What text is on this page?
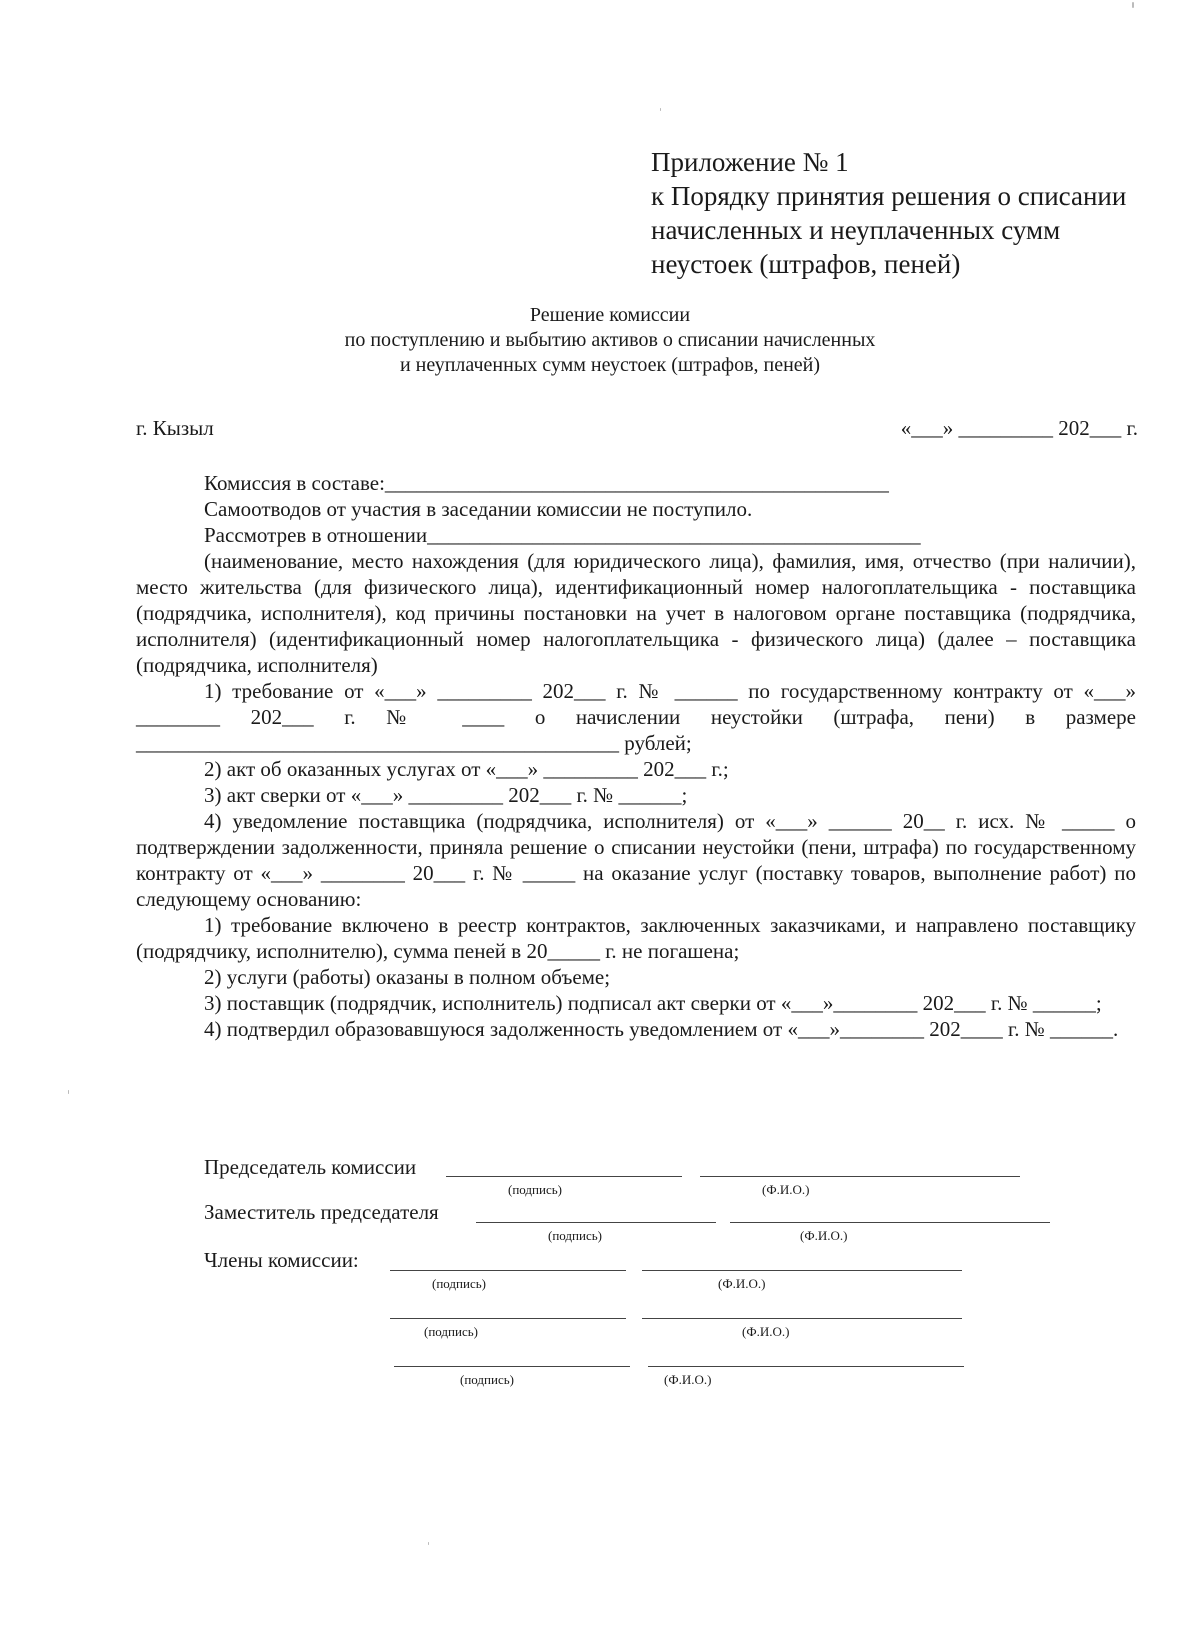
Приложение № 1
к Порядку принятия решения о списании
начисленных и неуплаченных сумм
неустоек (штрафов, пеней)
Решение комиссии
по поступлению и выбытию активов о списании начисленных
и неуплаченных сумм неустоек (штрафов, пеней)
г. Кызыл	«___» _________ 202___ г.

Комиссия в составе:________________________________________________

Самоотводов от участия в заседании комиссии не поступило.

Рассмотрев в отношении_______________________________________________

(наименование, место нахождения (для юридического лица), фамилия, имя, отчество (при наличии), место жительства (для физического лица), идентификационный номер налогоплательщика - поставщика (подрядчика, исполнителя), код причины постановки на учет в налоговом органе поставщика (подрядчика, исполнителя) (идентификационный номер налогоплательщика - физического лица) (далее – поставщика (подрядчика, исполнителя)

1) требование от «___» _________ 202___ г. № ______ по государственному контракту от «___» ________ 202___ г. № ____ о начислении неустойки (штрафа, пени) в размере ______________________________________________ рублей;

2) акт об оказанных услугах от «___» _________ 202___ г.;

3) акт сверки от «___» _________ 202___ г. № ______;

4) уведомление поставщика (подрядчика, исполнителя) от «___» ______ 20__ г. исх. № _____ о подтверждении задолженности, приняла решение о списании неустойки (пени, штрафа) по государственному контракту от «___» ________ 20___ г. № _____ на оказание услуг (поставку товаров, выполнение работ) по следующему основанию:

1) требование включено в реестр контрактов, заключенных заказчиками, и направлено поставщику (подрядчику, исполнителю), сумма пеней в 20_____ г. не погашена;

2) услуги (работы) оказаны в полном объеме;

3) поставщик (подрядчик, исполнитель) подписал акт сверки от «___»________ 202___ г. № ______;

4) подтвердил образовавшуюся задолженность уведомлением от «___»________ 202____ г. № ______.

Председатель комиссии
(подпись)	(Ф.И.О.)
Заместитель председателя
(подпись)	(Ф.И.О.)
Члены комиссии:
(подпись)	(Ф.И.О.)
(подпись)	(Ф.И.О.)
(подпись)	(Ф.И.О.)
